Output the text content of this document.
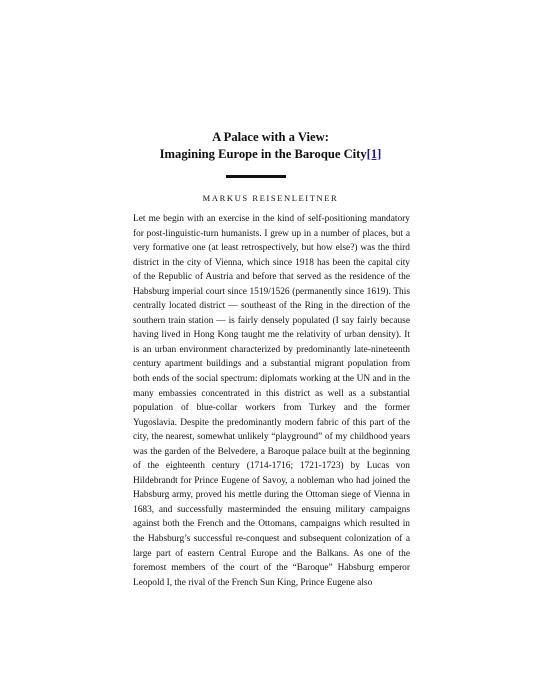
A Palace with a View:
Imagining Europe in the Baroque City[1]
MARKUS REISENLEITNER

Let me begin with an exercise in the kind of self-positioning mandatory for post-linguistic-turn humanists. I grew up in a number of places, but a very formative one (at least retrospectively, but how else?) was the third district in the city of Vienna, which since 1918 has been the capital city of the Republic of Austria and before that served as the residence of the Habsburg imperial court since 1519/1526 (permanently since 1619). This centrally located district — southeast of the Ring in the direction of the southern train station — is fairly densely populated (I say fairly because having lived in Hong Kong taught me the relativity of urban density). It is an urban environment characterized by predominantly late-nineteenth century apartment buildings and a substantial migrant population from both ends of the social spectrum: diplomats working at the UN and in the many embassies concentrated in this district as well as a substantial population of blue-collar workers from Turkey and the former Yugoslavia. Despite the predominantly modern fabric of this part of the city, the nearest, somewhat unlikely “playground” of my childhood years was the garden of the Belvedere, a Baroque palace built at the beginning of the eighteenth century (1714-1716; 1721-1723) by Lucas von Hildebrandt for Prince Eugene of Savoy, a nobleman who had joined the Habsburg army, proved his mettle during the Ottoman siege of Vienna in 1683, and successfully masterminded the ensuing military campaigns against both the French and the Ottomans, campaigns which resulted in the Habsburg’s successful re-conquest and subsequent colonization of a large part of eastern Central Europe and the Balkans. As one of the foremost members of the court of the “Baroque” Habsburg emperor Leopold I, the rival of the French Sun King, Prince Eugene also
